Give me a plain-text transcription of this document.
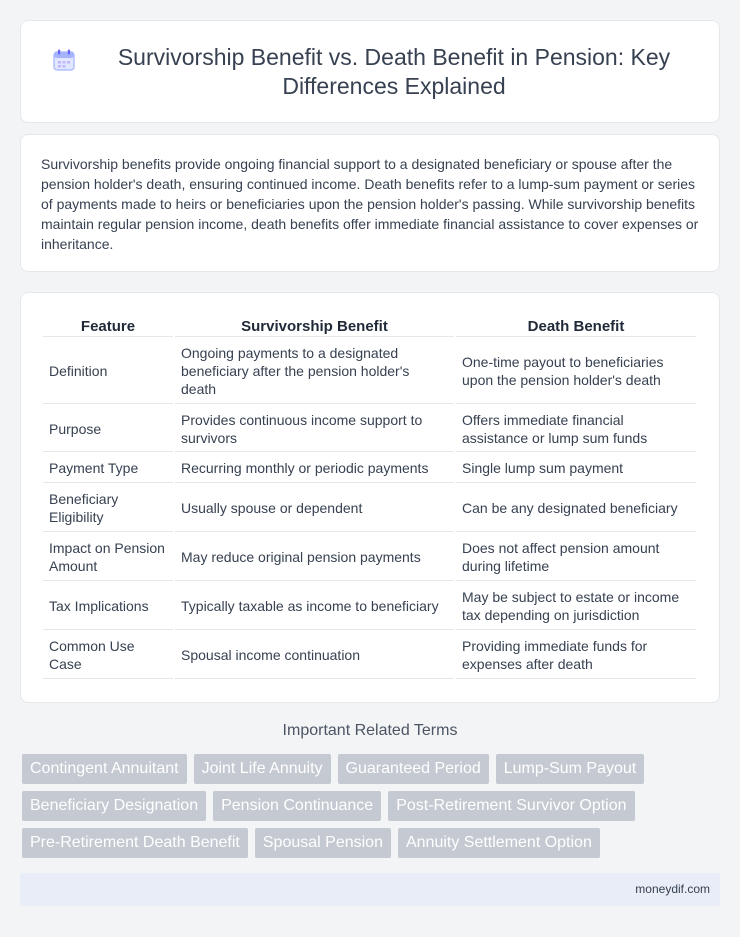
Survivorship Benefit vs. Death Benefit in Pension: Key Differences Explained

Survivorship benefits provide ongoing financial support to a designated beneficiary or spouse after the pension holder's death, ensuring continued income. Death benefits refer to a lump-sum payment or series of payments made to heirs or beneficiaries upon the pension holder's passing. While survivorship benefits maintain regular pension income, death benefits offer immediate financial assistance to cover expenses or inheritance.

Feature	Survivorship Benefit	Death Benefit
Definition	Ongoing payments to a designated beneficiary after the pension holder's death	One-time payout to beneficiaries upon the pension holder's death
Purpose	Provides continuous income support to survivors	Offers immediate financial assistance or lump sum funds
Payment Type	Recurring monthly or periodic payments	Single lump sum payment
Beneficiary Eligibility	Usually spouse or dependent	Can be any designated beneficiary
Impact on Pension Amount	May reduce original pension payments	Does not affect pension amount during lifetime
Tax Implications	Typically taxable as income to beneficiary	May be subject to estate or income tax depending on jurisdiction
Common Use Case	Spousal income continuation	Providing immediate funds for expenses after death
Important Related Terms
Contingent Annuitant	Joint Life Annuity	Guaranteed Period	Lump-Sum Payout
Beneficiary Designation	Pension Continuance	Post-Retirement Survivor Option
Pre-Retirement Death Benefit	Spousal Pension	Annuity Settlement Option
moneydif.com
